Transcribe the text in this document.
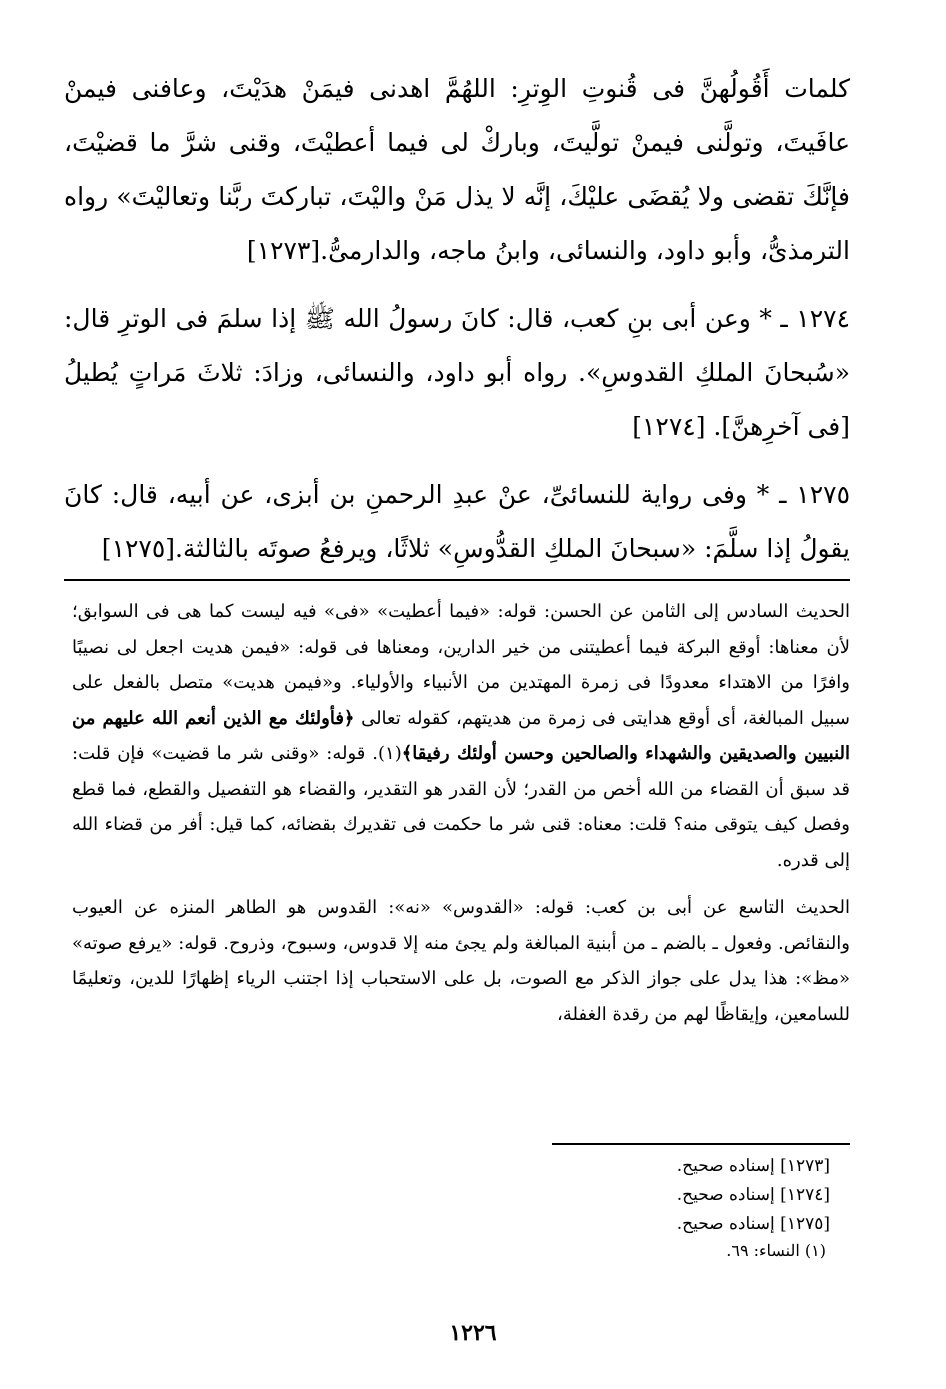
كلمات أَقُولُهنَّ فى قُنوتِ الوِترِ: اللهُمَّ اهدنى فيمَنْ هدَيْتَ، وعافنى فيمنْ عافَيتَ، وتولَّنى فيمنْ تولَّيتَ، وباركْ لى فيما أعطيْتَ، وقنى شرَّ ما قضيْتَ، فإنَّكَ تقضى ولا يُقضَى عليْكَ، إنَّه لا يذل مَنْ واليْتَ، تباركتَ ربَّنا وتعاليْتَ» رواه الترمذىُّ، وأبو داود، والنسائى، وابنُ ماجه، والدارمىُّ.[١٢٧٣]

١٢٧٤ ـ * وعن أبى بنِ كعب، قال: كانَ رسولُ الله ﷺ إذا سلمَ فى الوترِ قال: «سُبحانَ الملكِ القدوسِ». رواه أبو داود، والنسائى، وزادَ: ثلاثَ مَراتٍ يُطيلُ [فى آخرِهنَّ]. [١٢٧٤]

١٢٧٥ ـ * وفى رواية للنسائىِّ، عنْ عبدِ الرحمنِ بن أبزى، عن أبيه، قال: كانَ يقولُ إذا سلَّمَ: «سبحانَ الملكِ القدُّوسِ» ثلاثًا، ويرفعُ صوتَه بالثالثة.[١٢٧٥]

الحديث السادس إلى الثامن عن الحسن: قوله: «فيما أعطيت» «فى» فيه ليست كما هى فى السوابق؛ لأن معناها: أوقع البركة فيما أعطيتنى من خير الدارين، ومعناها فى قوله: «فيمن هديت اجعل لى نصيبًا وافرًا من الاهتداء معدودًا فى زمرة المهتدين من الأنبياء والأولياء. و«فيمن هديت» متصل بالفعل على سبيل المبالغة، أى أوقع هدايتى فى زمرة من هديتهم، كقوله تعالى ﴿فأولئك مع الذين أنعم الله عليهم من النبيين والصديقين والشهداء والصالحين وحسن أولئك رفيقا﴾(١). قوله: «وقنى شر ما قضيت» فإن قلت: قد سبق أن القضاء من الله أخص من القدر؛ لأن القدر هو التقدير، والقضاء هو التفصيل والقطع، فما قطع وفصل كيف يتوقى منه؟ قلت: معناه: قنى شر ما حكمت فى تقديرك بقضائه، كما قيل: أفر من قضاء الله إلى قدره.

الحديث التاسع عن أبى بن كعب: قوله: «القدوس» «نه»: القدوس هو الطاهر المنزه عن العيوب والنقائص. وفعول ـ بالضم ـ من أبنية المبالغة ولم يجئ منه إلا قدوس، وسبوح، وذروح. قوله: «يرفع صوته» «مظ»: هذا يدل على جواز الذكر مع الصوت، بل على الاستحباب إذا اجتنب الرياء إظهارًا للدين، وتعليمًا للسامعين، وإيقاظًا لهم من رقدة الغفلة،

[١٢٧٣] إسناده صحيح.

[١٢٧٤] إسناده صحيح.

[١٢٧٥] إسناده صحيح.

(١) النساء: ٦٩.

١٢٢٦
